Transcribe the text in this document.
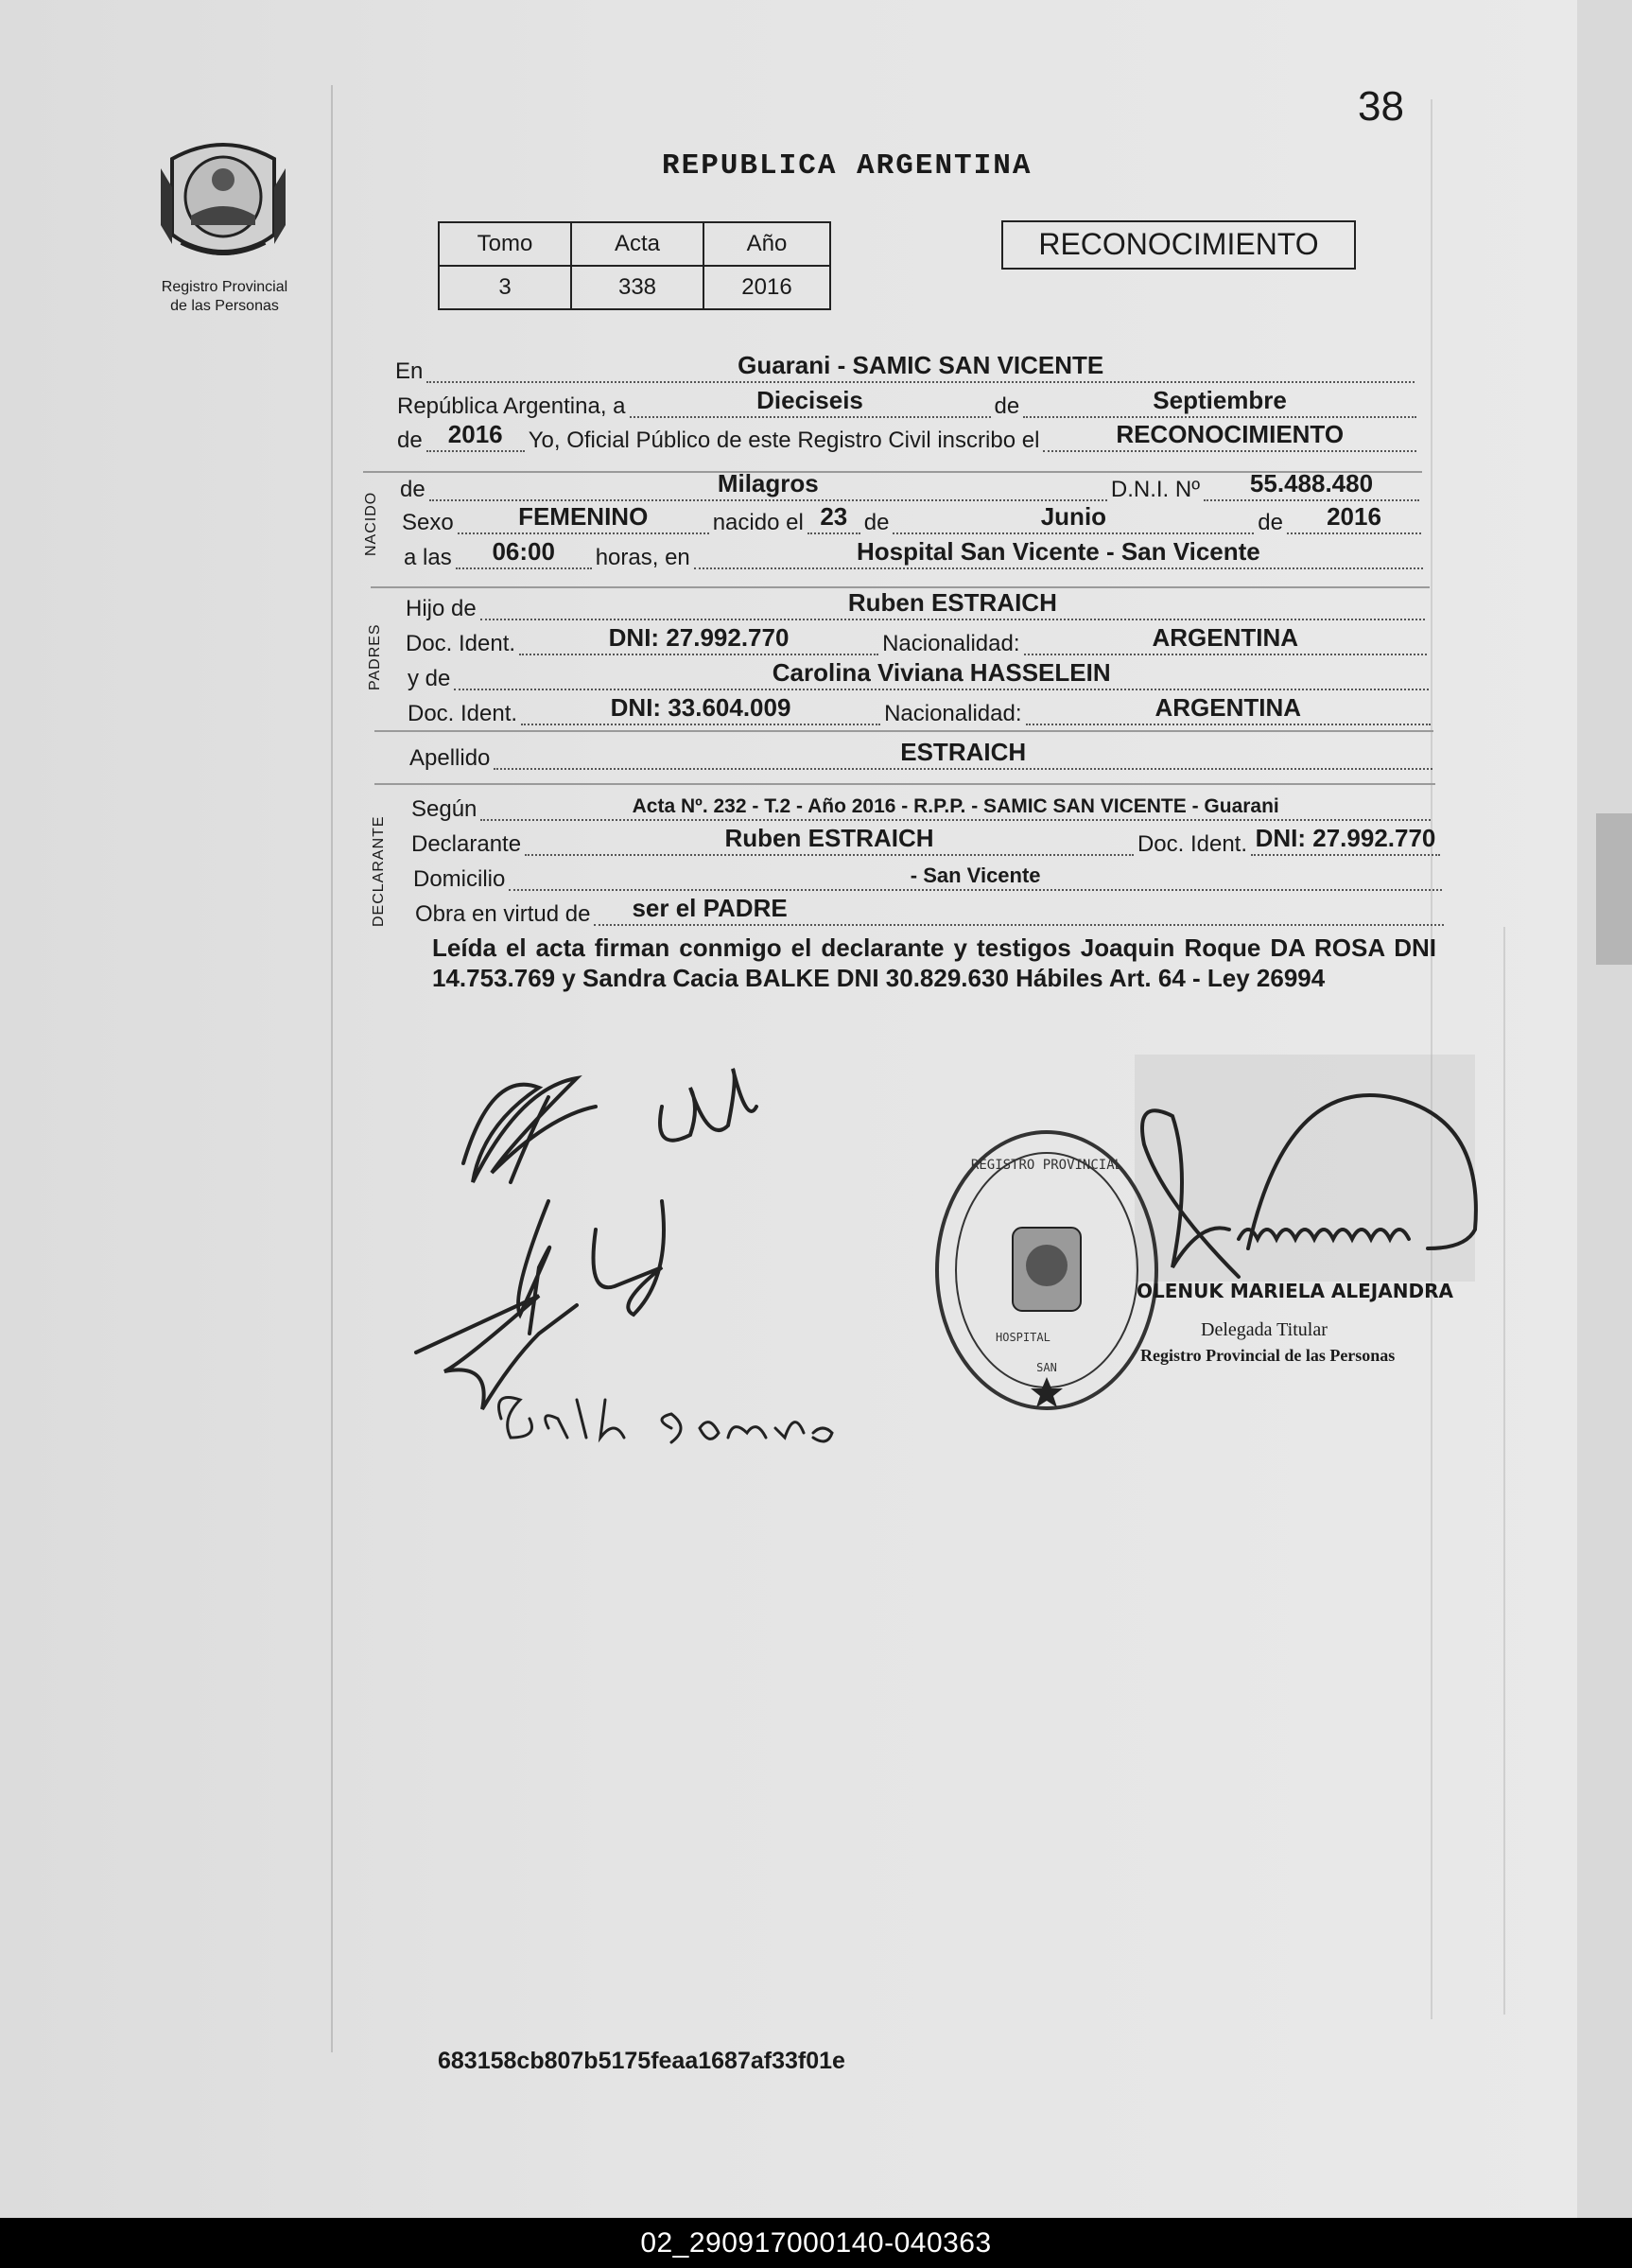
38
Registro Provincial
de las Personas
REPUBLICA ARGENTINA
Tomo	Acta	Año
3	338	2016
RECONOCIMIENTO
En	Guarani - SAMIC SAN VICENTE
República Argentina, a	Dieciseis	de	Septiembre
de 2016 Yo, Oficial Público de este Registro Civil inscribo el	RECONOCIMIENTO
NACIDO
de	Milagros	D.N.I. Nº 55.488.480
Sexo	FEMENINO	nacido el 23 de	Junio	de 2016
a las 06:00 horas, en	Hospital San Vicente - San Vicente
PADRES
Hijo de	Ruben ESTRAICH
Doc. Ident.	DNI: 27.992.770	Nacionalidad:	ARGENTINA
y de	Carolina Viviana HASSELEIN
Doc. Ident.	DNI: 33.604.009	Nacionalidad:	ARGENTINA
Apellido	ESTRAICH
DECLARANTE
Según	Acta Nº. 232 - T.2 - Año 2016 - R.P.P. - SAMIC SAN VICENTE - Guarani
Declarante	Ruben ESTRAICH	Doc. Ident. DNI: 27.992.770
Domicilio	- San Vicente
Obra en virtud de ser el PADRE
Leída el acta firman conmigo el declarante y testigos Joaquin Roque DA ROSA DNI 14.753.769 y Sandra Cacia BALKE DNI 30.829.630 Hábiles Art. 64 - Ley 26994
REGISTRO PROVINCIAL
HOSPITAL
SAN
OLENUK MARIELA ALEJANDRA
Delegada Titular
Registro Provincial de las Personas
683158cb807b5175feaa1687af33f01e
02_290917000140-040363
